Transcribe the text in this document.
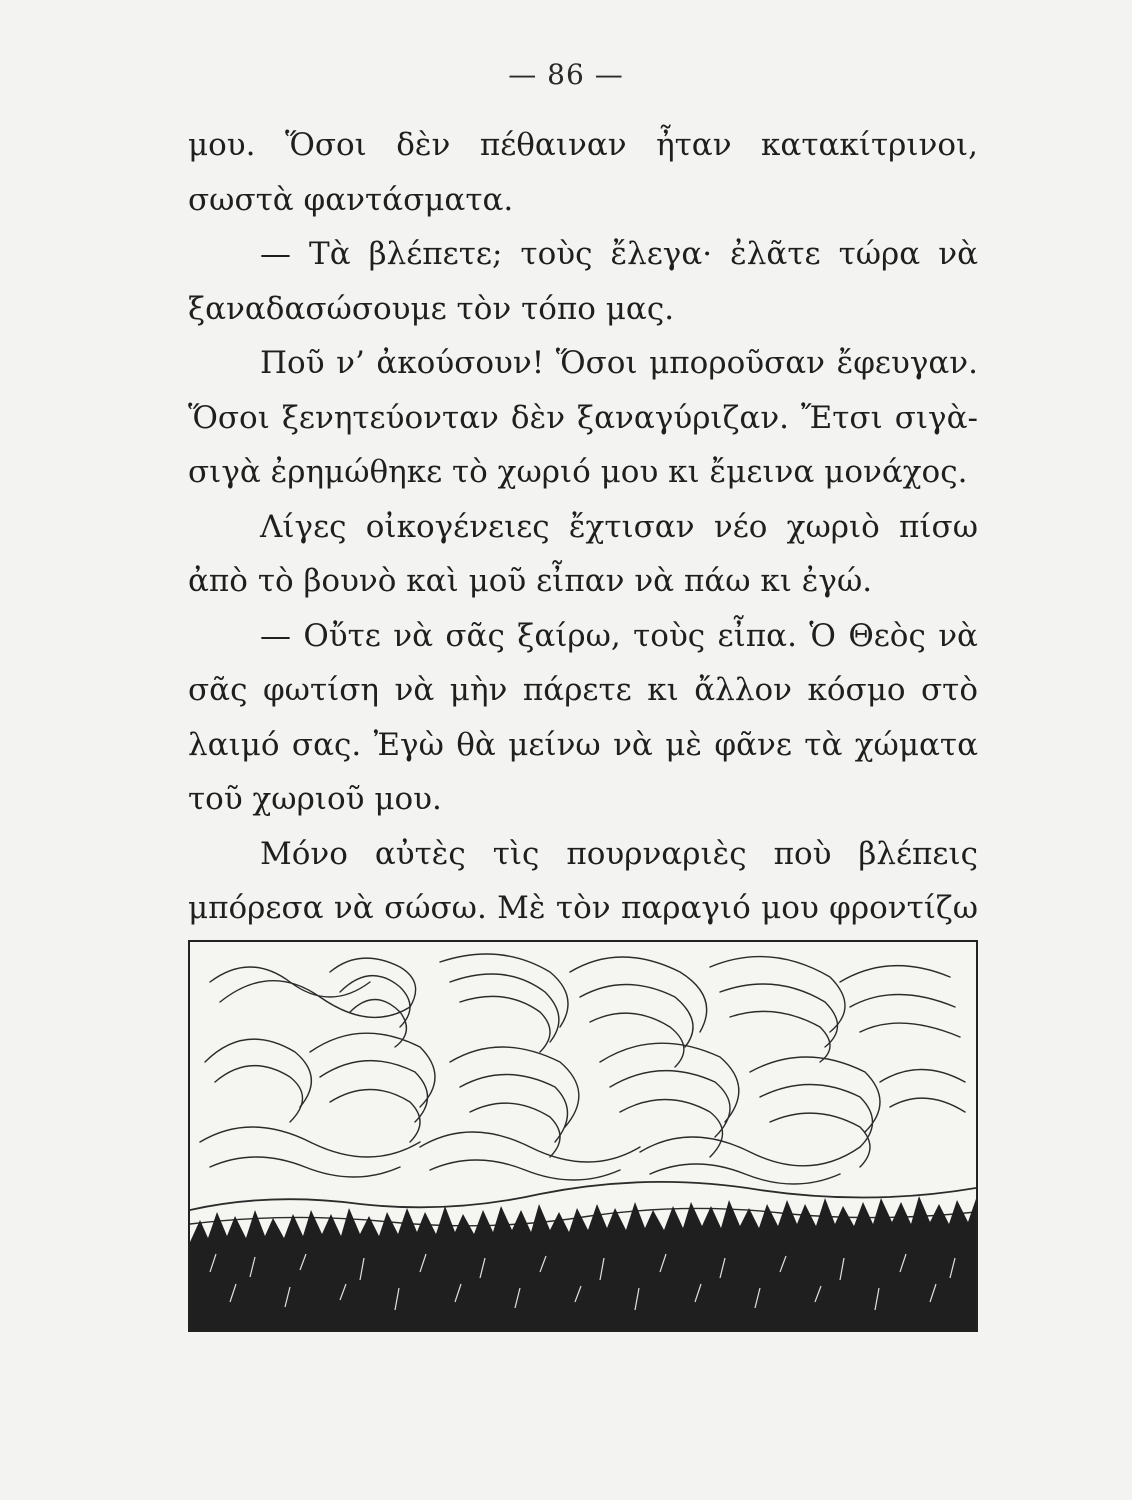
— 86 —

μου. Ὅσοι δὲν πέθαιναν ἦταν κατακίτρινοι, σωστὰ φαντάσματα.

— Τὰ βλέπετε; τοὺς ἔλεγα· ἐλᾶτε τώρα νὰ ξαναδασώσουμε τὸν τόπο μας.

Ποῦ ν’ ἀκούσουν! Ὅσοι μποροῦσαν ἔφευγαν. Ὅσοι ξενητεύονταν δὲν ξαναγύριζαν. Ἔτσι σιγὰ-σιγὰ ἐρημώθηκε τὸ χωριό μου κι ἔμεινα μονάχος.

Λίγες οἰκογένειες ἔχτισαν νέο χωριὸ πίσω ἀπὸ τὸ βουνὸ καὶ μοῦ εἶπαν νὰ πάω κι ἐγώ.

— Οὔτε νὰ σᾶς ξαίρω, τοὺς εἶπα. Ὁ Θεὸς νὰ σᾶς φωτίση νὰ μὴν πάρετε κι ἄλλον κόσμο στὸ λαιμό σας. Ἐγὼ θὰ μείνω νὰ μὲ φᾶνε τὰ χώματα τοῦ χωριοῦ μου.

Μόνο αὐτὲς τὶς πουρναριὲς ποὺ βλέπεις μπόρεσα νὰ σώσω. Μὲ τὸν παραγιό μου φροντίζω
